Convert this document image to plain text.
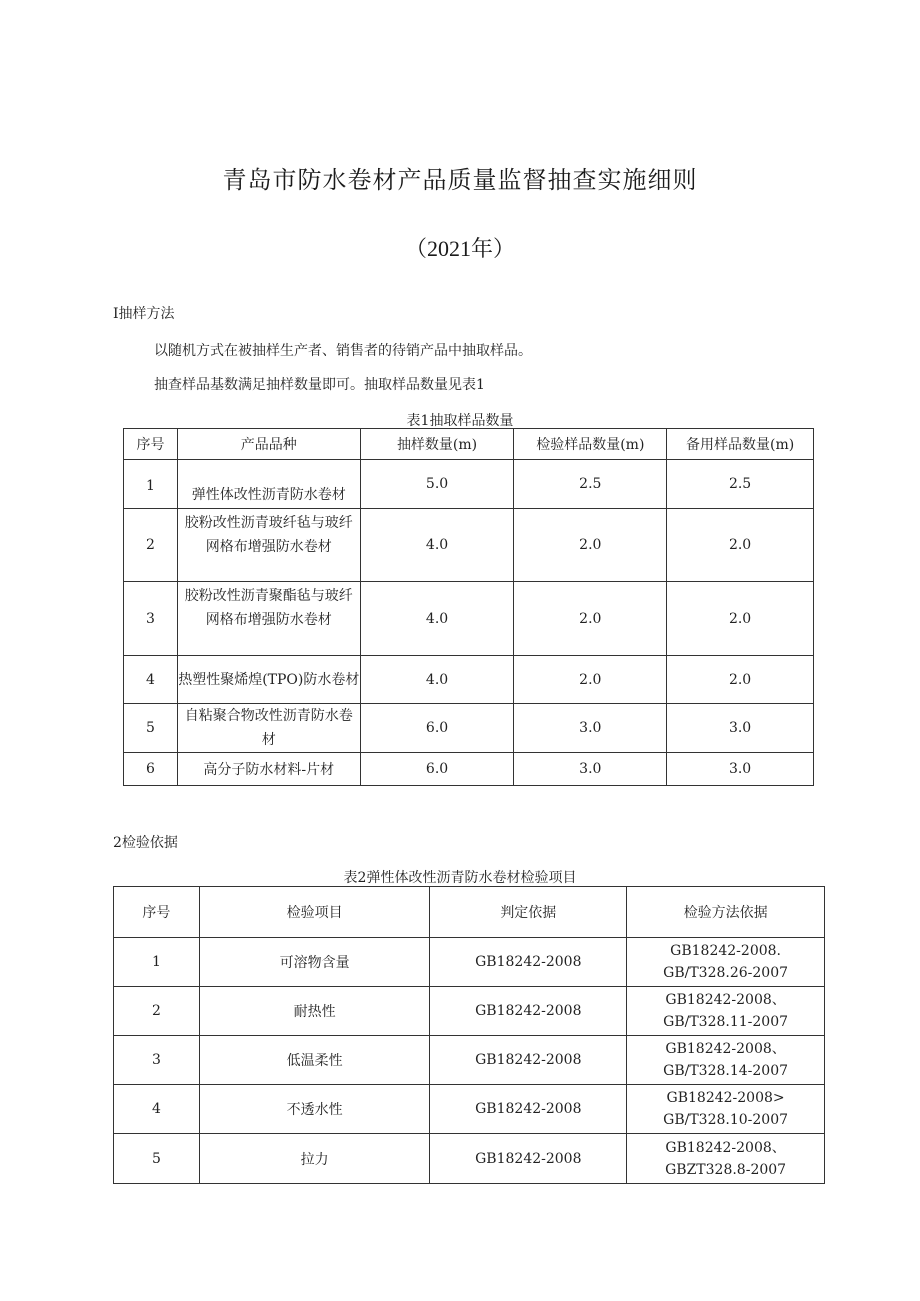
青岛市防水卷材产品质量监督抽查实施细则
（2021年）
I抽样方法
以随机方式在被抽样生产者、销售者的待销产品中抽取样品。
抽查样品基数满足抽样数量即可。抽取样品数量见表1
表1抽取样品数量
序号	产品品种	抽样数量(m)	检验样品数量(m)	备用样品数量(m)
1	弹性体改性沥青防水卷材	5.0	2.5	2.5
2	胶粉改性沥青玻纤毡与玻纤网格布增强防水卷材	4.0	2.0	2.0
3	胶粉改性沥青聚酯毡与玻纤网格布增强防水卷材	4.0	2.0	2.0
4	热塑性聚烯煌(TPO)防水卷材	4.0	2.0	2.0
5	自粘聚合物改性沥青防水卷材	6.0	3.0	3.0
6	高分子防水材料-片材	6.0	3.0	3.0
2检验依据
表2弹性体改性沥青防水卷材检验项目
序号	检验项目	判定依据	检验方法依据
1	可溶物含量	GB18242-2008	GB18242-2008.
GB/T328.26-2007

2	耐热性	GB18242-2008	GB18242-2008、
GB/T328.11-2007

3	低温柔性	GB18242-2008	GB18242-2008、
GB/T328.14-2007

4	不透水性	GB18242-2008	GB18242-2008>
GB/T328.10-2007

5	拉力	GB18242-2008	GB18242-2008、
GBZT328.8-2007
